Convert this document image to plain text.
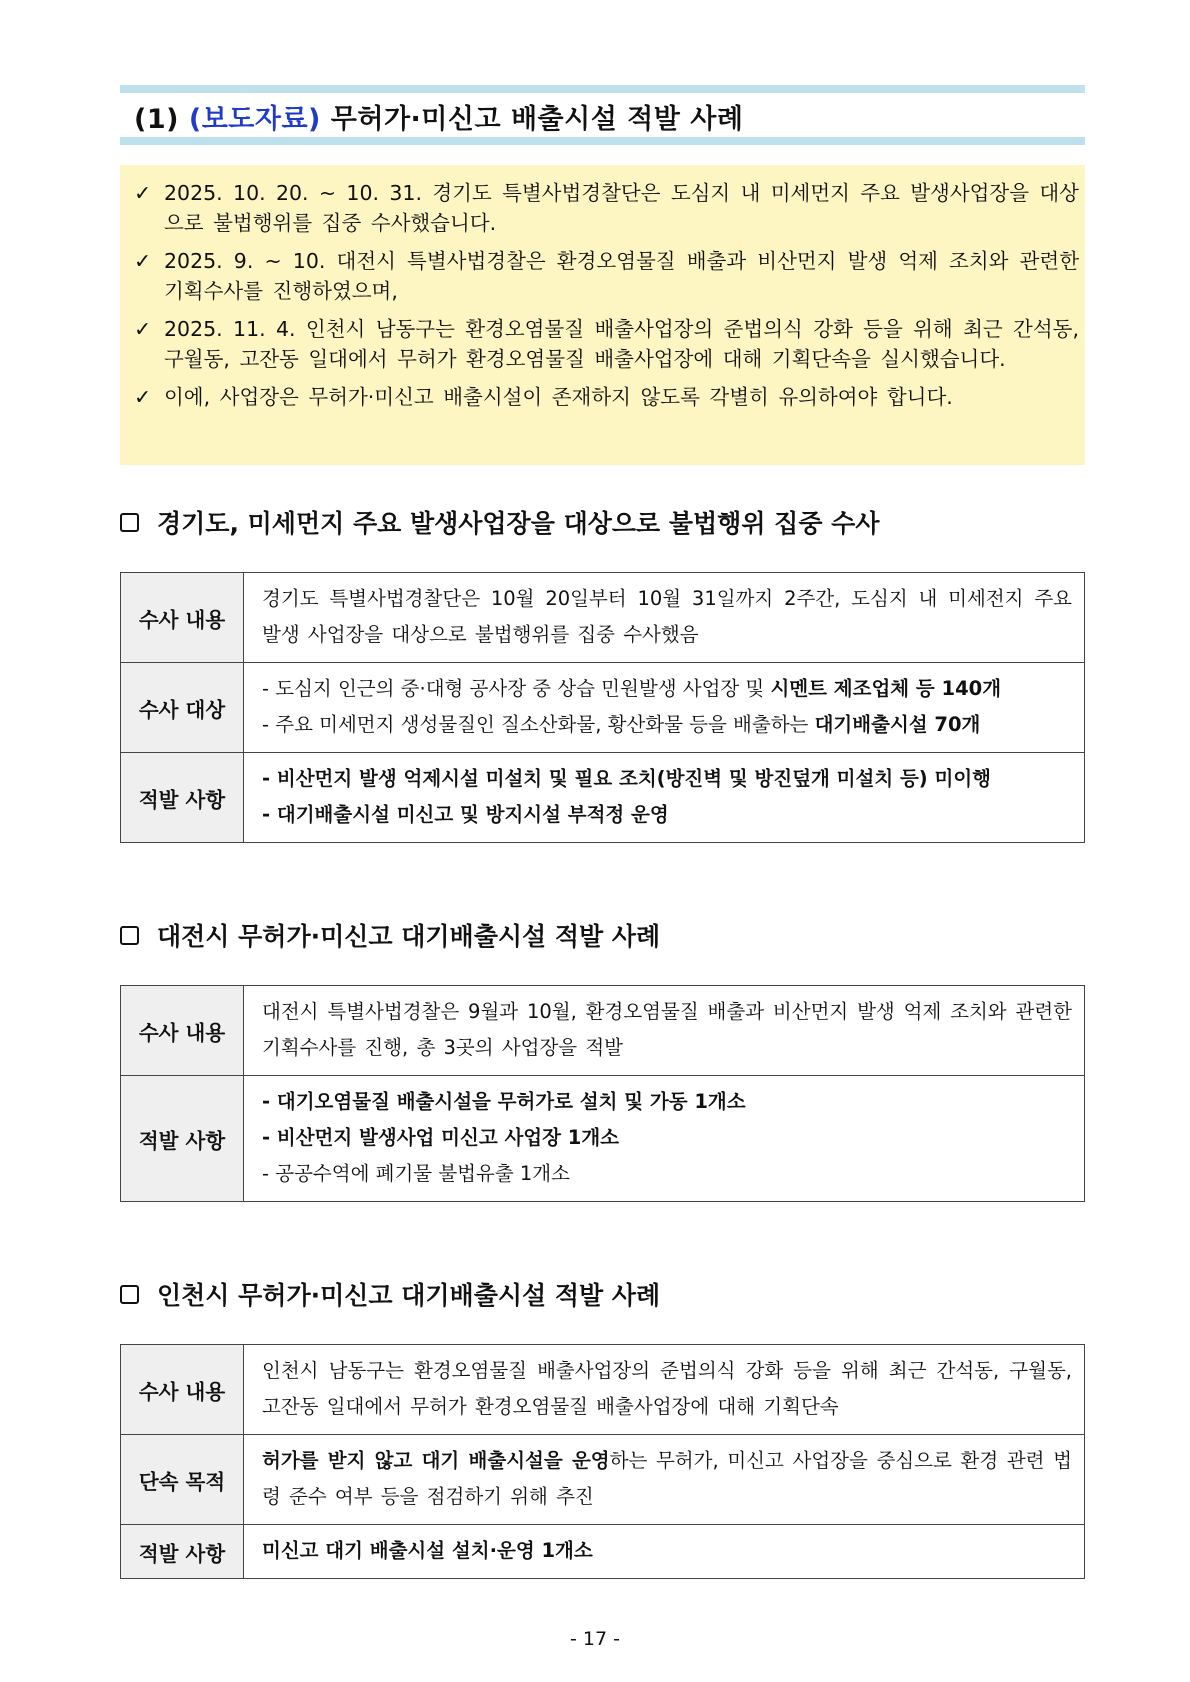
(1) (보도자료) 무허가·미신고 배출시설 적발 사례
✓ 2025. 10. 20. ~ 10. 31. 경기도 특별사법경찰단은 도심지 내 미세먼지 주요 발생사업장을 대상으로 불법행위를 집중 수사했습니다.
✓ 2025. 9. ~ 10. 대전시 특별사법경찰은 환경오염물질 배출과 비산먼지 발생 억제 조치와 관련한 기획수사를 진행하였으며,
✓ 2025. 11. 4. 인천시 남동구는 환경오염물질 배출사업장의 준법의식 강화 등을 위해 최근 간석동, 구월동, 고잔동 일대에서 무허가 환경오염물질 배출사업장에 대해 기획단속을 실시했습니다.
✓ 이에, 사업장은 무허가·미신고 배출시설이 존재하지 않도록 각별히 유의하여야 합니다.
경기도, 미세먼지 주요 발생사업장을 대상으로 불법행위 집중 수사
수사 내용	경기도 특별사법경찰단은 10월 20일부터 10월 31일까지 2주간, 도심지 내 미세전지 주요 발생 사업장을 대상으로 불법행위를 집중 수사했음
수사 대상	- 도심지 인근의 중·대형 공사장 중 상습 민원발생 사업장 및 시멘트 제조업체 등 140개
- 주요 미세먼지 생성물질인 질소산화물, 황산화물 등을 배출하는 대기배출시설 70개

적발 사항	- 비산먼지 발생 억제시설 미설치 및 필요 조치(방진벽 및 방진덮개 미설치 등) 미이행
- 대기배출시설 미신고 및 방지시설 부적정 운영
대전시 무허가·미신고 대기배출시설 적발 사례
수사 내용	대전시 특별사법경찰은 9월과 10월, 환경오염물질 배출과 비산먼지 발생 억제 조치와 관련한 기획수사를 진행, 총 3곳의 사업장을 적발
적발 사항	- 대기오염물질 배출시설을 무허가로 설치 및 가동 1개소
- 비산먼지 발생사업 미신고 사업장 1개소
- 공공수역에 폐기물 불법유출 1개소
인천시 무허가·미신고 대기배출시설 적발 사례
수사 내용	인천시 남동구는 환경오염물질 배출사업장의 준법의식 강화 등을 위해 최근 간석동, 구월동, 고잔동 일대에서 무허가 환경오염물질 배출사업장에 대해 기획단속
단속 목적	허가를 받지 않고 대기 배출시설을 운영하는 무허가, 미신고 사업장을 중심으로 환경 관련 법령 준수 여부 등을 점검하기 위해 추진
적발 사항	미신고 대기 배출시설 설치·운영 1개소
- 17 -
